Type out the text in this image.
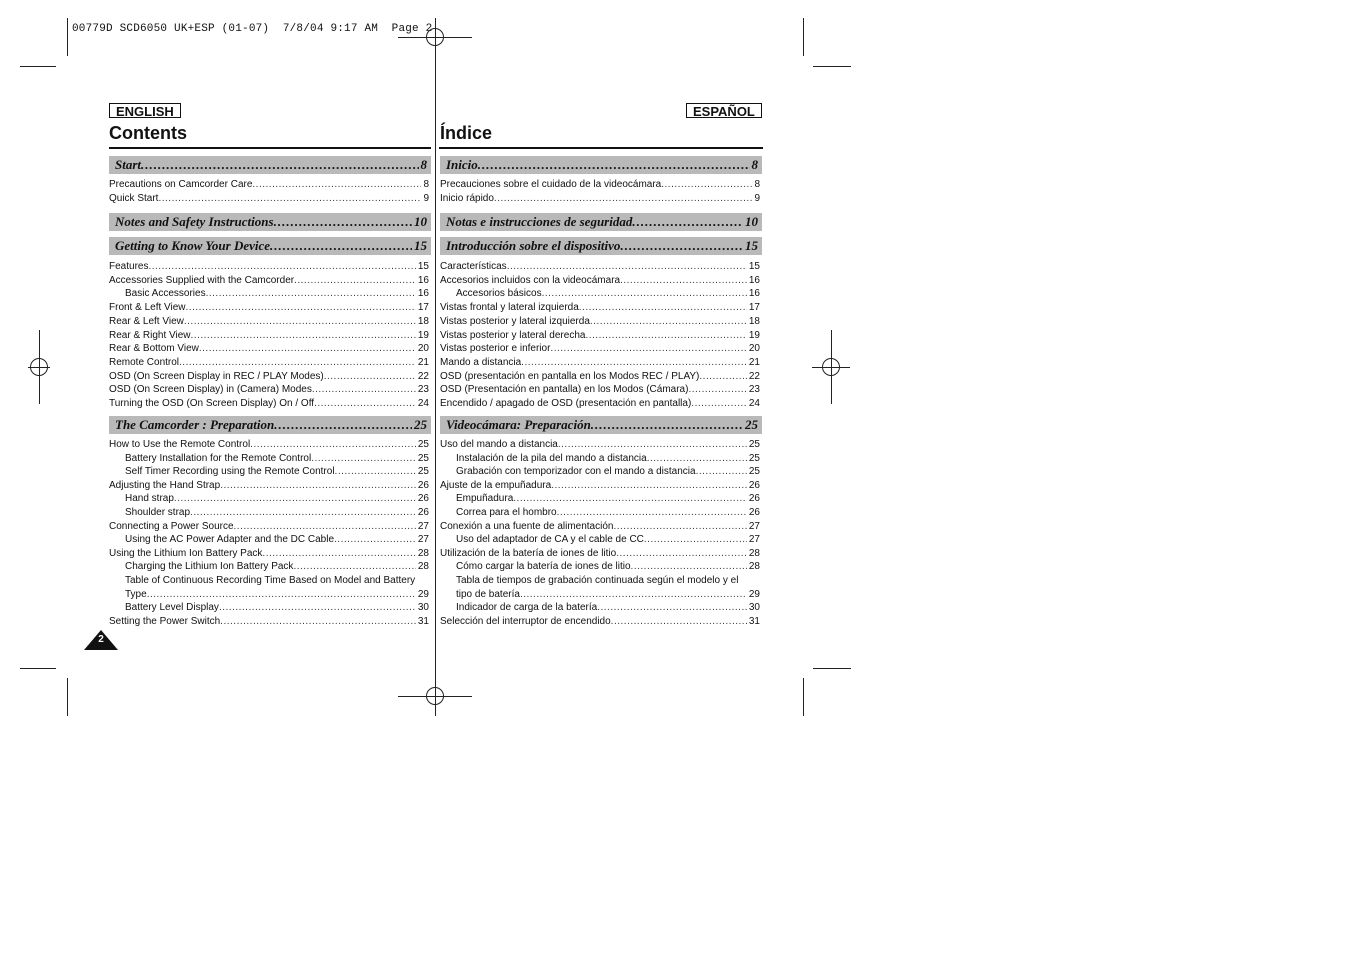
00779D SCD6050 UK+ESP (01-07)  7/8/04 9:17 AM  Page 2
ENGLISH	ESPAÑOL
Contents	Índice
Start .....	8
Precautions on Camcorder Care .....	8
Quick Start .....	9
Notes and Safety Instructions .....	10
Getting to Know Your Device .....	15
Features .....	15
Accessories Supplied with the Camcorder .....	16
Basic Accessories .....	16
Front & Left View .....	17
Rear & Left View .....	18
Rear & Right View .....	19
Rear & Bottom View .....	20
Remote Control .....	21
OSD (On Screen Display in REC / PLAY Modes) .....	22
OSD (On Screen Display) in (Camera) Modes .....	23
Turning the OSD (On Screen Display) On / Off .....	24
The Camcorder : Preparation .....	25
How to Use the Remote Control .....	25
Battery Installation for the Remote Control .....	25
Self Timer Recording using the Remote Control .....	25
Adjusting the Hand Strap .....	26
Hand strap .....	26
Shoulder strap .....	26
Connecting a Power Source .....	27
Using the AC Power Adapter and the DC Cable .....	27
Using the Lithium Ion Battery Pack .....	28
Charging the Lithium Ion Battery Pack .....	28
Table of Continuous Recording Time Based on Model and Battery
Type .....	29
Battery Level Display .....	30
Setting the Power Switch .....	31
Inicio .....	8
Precauciones sobre el cuidado de la videocámara .....	8
Inicio rápido .....	9
Notas e instrucciones de seguridad .....	10
Introducción sobre el dispositivo .....	15
Características .....	15
Accesorios incluidos con la videocámara .....	16
Accesorios básicos .....	16
Vistas frontal y lateral izquierda .....	17
Vistas posterior y lateral izquierda .....	18
Vistas posterior y lateral derecha .....	19
Vistas posterior e inferior .....	20
Mando a distancia .....	21
OSD (presentación en pantalla en los Modos REC / PLAY) .....	22
OSD (Presentación en pantalla) en los Modos (Cámara) .....	23
Encendido / apagado de OSD (presentación en pantalla) .....	24
Videocámara: Preparación .....	25
Uso del mando a distancia .....	25
Instalación de la pila del mando a distancia .....	25
Grabación con temporizador con el mando a distancia .....	25
Ajuste de la empuñadura .....	26
Empuñadura .....	26
Correa para el hombro .....	26
Conexión a una fuente de alimentación .....	27
Uso del adaptador de CA y el cable de CC .....	27
Utilización de la batería de iones de litio .....	28
Cómo cargar la batería de iones de litio .....	28
Tabla de tiempos de grabación continuada según el modelo y el
tipo de batería .....	29
Indicador de carga de la batería .....	30
Selección del interruptor de encendido .....	31
2
